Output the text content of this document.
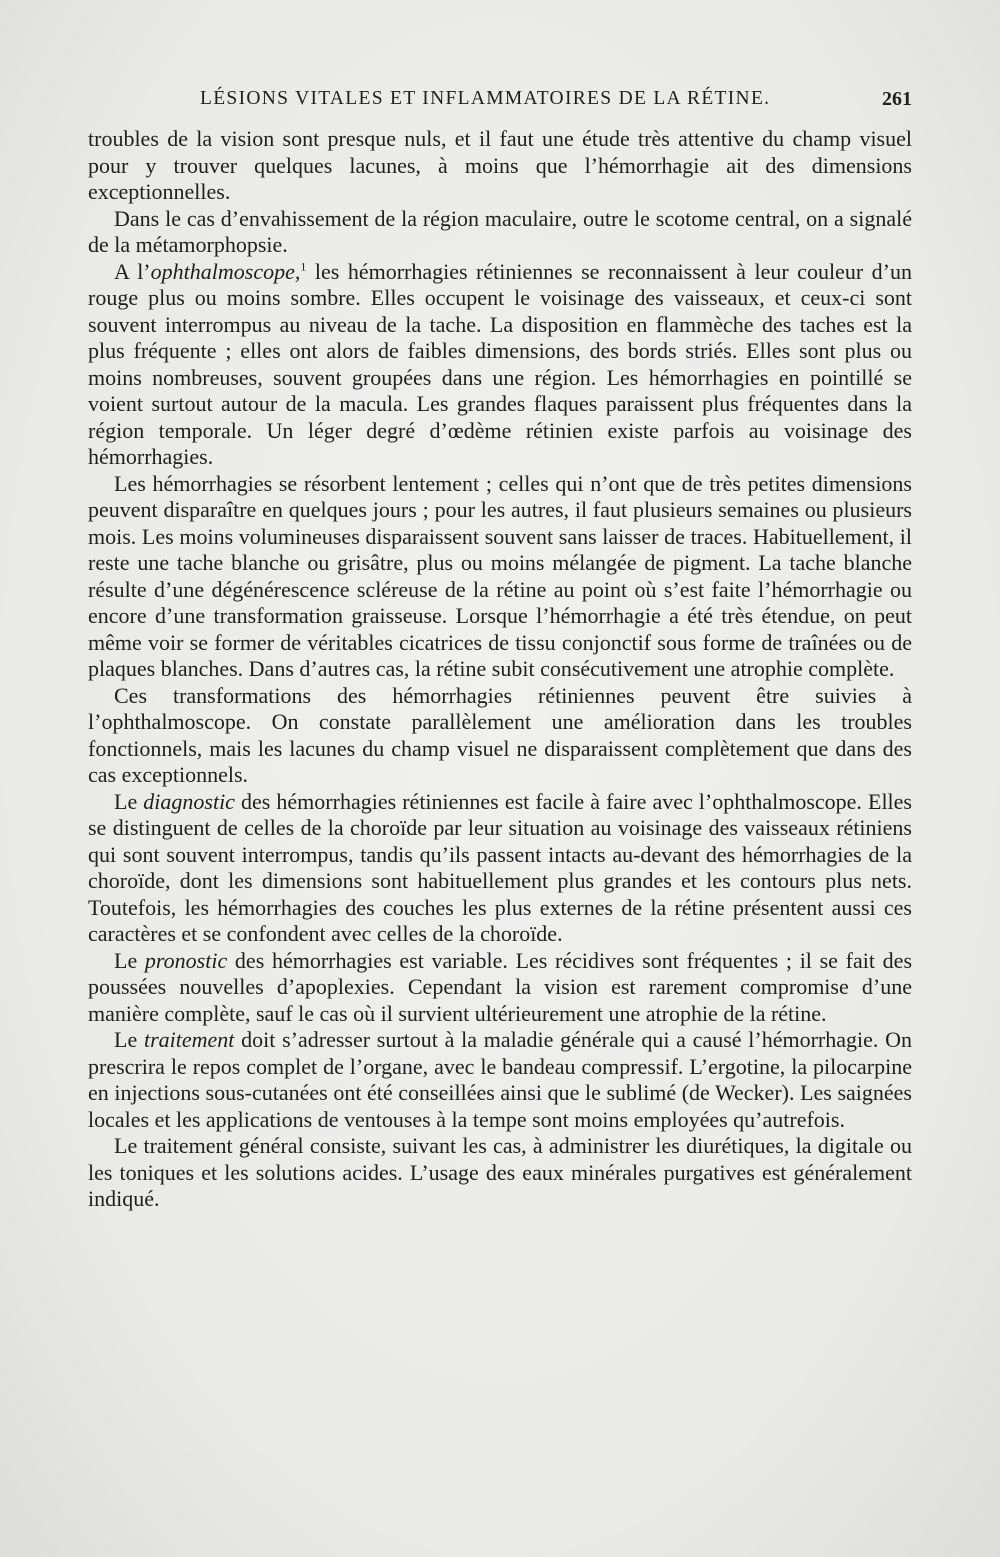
LÉSIONS VITALES ET INFLAMMATOIRES DE LA RÉTINE.	261

troubles de la vision sont presque nuls, et il faut une étude très attentive du champ visuel pour y trouver quelques lacunes, à moins que l’hémorrhagie ait des dimensions exceptionnelles.

Dans le cas d’envahissement de la région maculaire, outre le scotome central, on a signalé de la métamorphopsie.

A l’ophthalmoscope,$^1$ les hémorrhagies rétiniennes se reconnaissent à leur couleur d’un rouge plus ou moins sombre. Elles occupent le voisinage des vaisseaux, et ceux-ci sont souvent interrompus au niveau de la tache. La disposition en flammèche des taches est la plus fréquente ; elles ont alors de faibles dimensions, des bords striés. Elles sont plus ou moins nombreuses, souvent groupées dans une région. Les hémorrhagies en pointillé se voient surtout autour de la macula. Les grandes flaques paraissent plus fréquentes dans la région temporale. Un léger degré d’œdème rétinien existe parfois au voisinage des hémorrhagies.

Les hémorrhagies se résorbent lentement ; celles qui n’ont que de très petites dimensions peuvent disparaître en quelques jours ; pour les autres, il faut plusieurs semaines ou plusieurs mois. Les moins volumineuses disparaissent souvent sans laisser de traces. Habituellement, il reste une tache blanche ou grisâtre, plus ou moins mélangée de pigment. La tache blanche résulte d’une dégénérescence scléreuse de la rétine au point où s’est faite l’hémorrhagie ou encore d’une transformation graisseuse. Lorsque l’hémorrhagie a été très étendue, on peut même voir se former de véritables cicatrices de tissu conjonctif sous forme de traînées ou de plaques blanches. Dans d’autres cas, la rétine subit consécutivement une atrophie complète.

Ces transformations des hémorrhagies rétiniennes peuvent être suivies à l’ophthalmoscope. On constate parallèlement une amélioration dans les troubles fonctionnels, mais les lacunes du champ visuel ne disparaissent complètement que dans des cas exceptionnels.

Le diagnostic des hémorrhagies rétiniennes est facile à faire avec l’ophthalmoscope. Elles se distinguent de celles de la choroïde par leur situation au voisinage des vaisseaux rétiniens qui sont souvent interrompus, tandis qu’ils passent intacts au-devant des hémorrhagies de la choroïde, dont les dimensions sont habituellement plus grandes et les contours plus nets. Toutefois, les hémorrhagies des couches les plus externes de la rétine présentent aussi ces caractères et se confondent avec celles de la choroïde.

Le pronostic des hémorrhagies est variable. Les récidives sont fréquentes ; il se fait des poussées nouvelles d’apoplexies. Cependant la vision est rarement compromise d’une manière complète, sauf le cas où il survient ultérieurement une atrophie de la rétine.

Le traitement doit s’adresser surtout à la maladie générale qui a causé l’hémorrhagie. On prescrira le repos complet de l’organe, avec le bandeau compressif. L’ergotine, la pilocarpine en injections sous-cutanées ont été conseillées ainsi que le sublimé (de Wecker). Les saignées locales et les applications de ventouses à la tempe sont moins employées qu’autrefois.

Le traitement général consiste, suivant les cas, à administrer les diurétiques, la digitale ou les toniques et les solutions acides. L’usage des eaux minérales purgatives est généralement indiqué.
